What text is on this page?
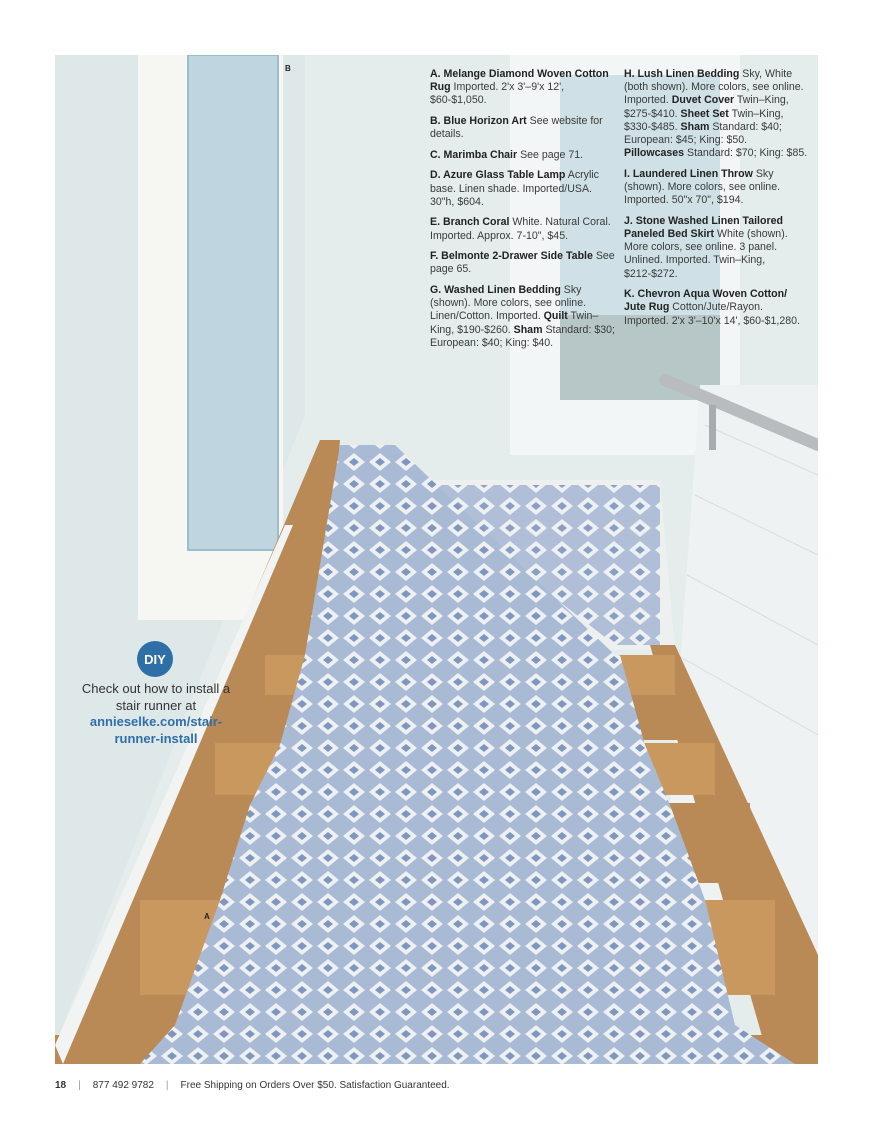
B
A

A. Melange Diamond Woven Cotton Rug Imported. 2'x 3'–9'x 12', $60-$1,050.

B. Blue Horizon Art See website for details.

C. Marimba Chair See page 71.

D. Azure Glass Table Lamp Acrylic base. Linen shade. Imported/USA. 30"h, $604.

E. Branch Coral White. Natural Coral. Imported. Approx. 7-10", $45.

F. Belmonte 2-Drawer Side Table See page 65.

G. Washed Linen Bedding Sky (shown). More colors, see online. Linen/Cotton. Imported. Quilt Twin–King, $190-$260. Sham Standard: $30; European: $40; King: $40.

H. Lush Linen Bedding Sky, White (both shown). More colors, see online. Imported. Duvet Cover Twin–King, $275-$410. Sheet Set Twin–King, $330-$485. Sham Standard: $40; European: $45; King: $50. Pillowcases Standard: $70; King: $85.

I. Laundered Linen Throw Sky (shown). More colors, see online. Imported. 50"x 70", $194.

J. Stone Washed Linen Tailored Paneled Bed Skirt White (shown). More colors, see online. 3 panel. Unlined. Imported. Twin–King, $212-$272.

K. Chevron Aqua Woven Cotton/ Jute Rug Cotton/Jute/Rayon. Imported. 2'x 3'–10'x 14', $60-$1,280.

DIY
Check out how to install a stair runner at
annieselke.com/stair-runner-install
18 | 877 492 9782 | Free Shipping on Orders Over $50. Satisfaction Guaranteed.
